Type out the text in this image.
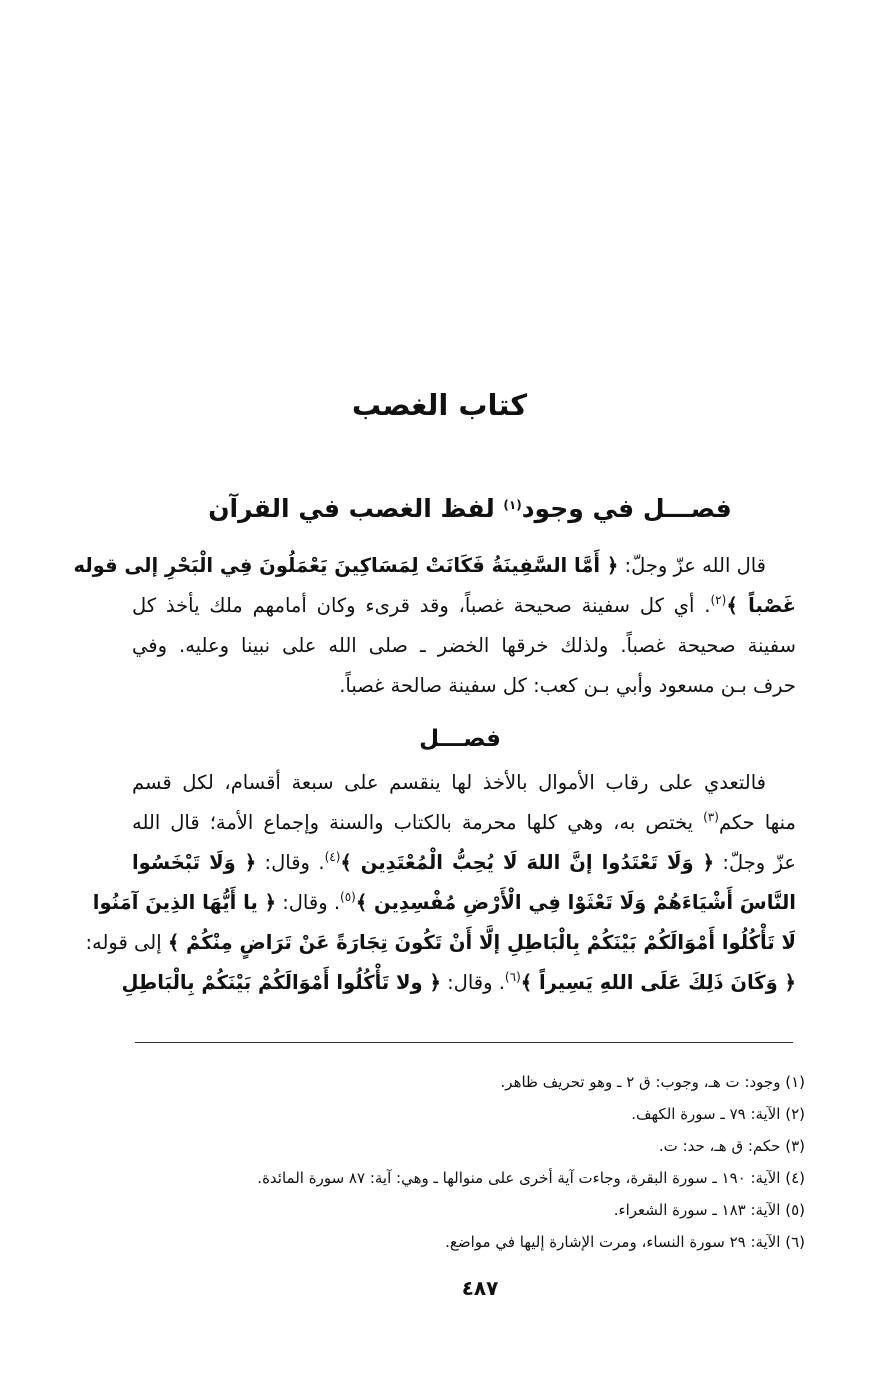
كتاب الغصب
فصـــل في وجود$^{(١)}$ لفظ الغصب في القرآن
قال الله عزّ وجلّ: ﴿ أَمَّا السَّفِينَةُ فَكَانَتْ لِمَسَاكِينَ يَعْمَلُونَ فِي الْبَحْرِ إلى قوله
غَصْباً ﴾$^{(٢)}$. أي كل سفينة صحيحة غصباً، وقد قرىء وكان أمامهم ملك يأخذ كل
سفينة صحيحة غصباً. ولذلك خرقها الخضر ـ صلى الله على نبينا وعليه. وفي
حرف بـن مسعود وأبي بـن كعب: كل سفينة صالحة غصباً.
فصـــل
فالتعدي على رقاب الأموال بالأخذ لها ينقسم على سبعة أقسام، لكل قسم
منها حكم$^{(٣)}$ يختص به، وهي كلها محرمة بالكتاب والسنة وإجماع الأمة؛ قال الله
عزّ وجلّ: ﴿ وَلَا تَعْتَدُوا إنَّ اللهَ لَا يُحِبُّ الْمُعْتَدِين ﴾$^{(٤)}$. وقال: ﴿ وَلَا تَبْخَسُوا
النَّاسَ أَشْيَاءَهُمْ وَلَا تَعْثَوْا فِي الْأَرْضِ مُفْسِدِين ﴾$^{(٥)}$. وقال: ﴿ يا أَيُّهَا الذِينَ آمَنُوا
لَا تَأْكُلُوا أَمْوَالَكُمْ بَيْنَكُمْ بِالْبَاطِلِ إلَّا أَنْ تَكُونَ تِجَارَةً عَنْ تَرَاضٍ مِنْكُمْ ﴾ إلى قوله:
﴿ وَكَانَ ذَلِكَ عَلَى اللهِ يَسِيراً ﴾$^{(٦)}$. وقال: ﴿ ولا تَأْكُلُوا أَمْوَالَكُمْ بَيْنَكُمْ بِالْبَاطِلِ
(١) وجود: ت هـ، وجوب: ق ٢ ـ وهو تحريف ظاهر.
(٢) الآية: ٧٩ ـ سورة الكهف.
(٣) حكم: ق هـ، حد: ت.
(٤) الآية: ١٩٠ ـ سورة البقرة، وجاءت آية أخرى على منوالها ـ وهي: آية: ٨٧ سورة المائدة.
(٥) الآية: ١٨٣ ـ سورة الشعراء.
(٦) الآية: ٢٩ سورة النساء، ومرت الإشارة إليها في مواضع.
٤٨٧
